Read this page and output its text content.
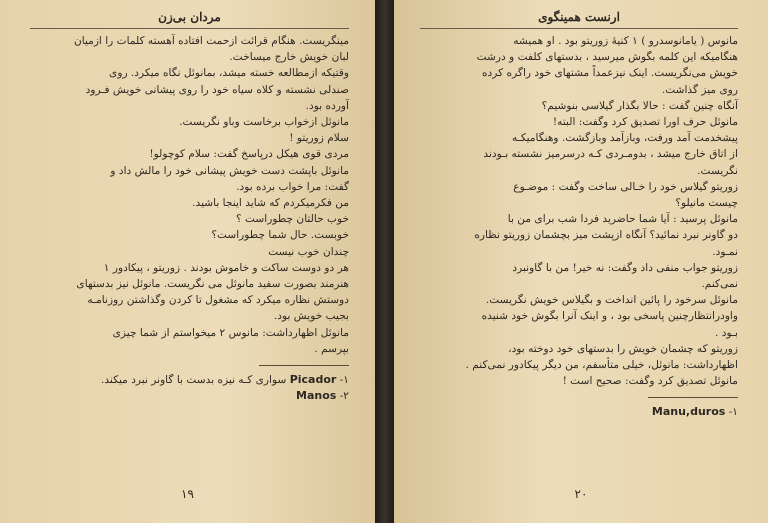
مردان بی‌زن

مینگریست. هنگام قرائت ازحمت افتاده آهسته کلمات را ازمیان

لبان خویش خارج میساخت.

وقتیکه ازمطالعه خسته میشد، بمانوئل نگاه میکرد. روی

صندلی نشسته و کلاه سیاه خود را روی پیشانی خویش فـرود

آورده بود.

مانوئل ازخواب برخاست وباو نگریست.

سلام زوریتو !

مردی قوی هیکل درپاسخ گفت: سلام کوچولو!

مانوئل باپشت دست خویش پیشانی خود را مالش داد و

گفت: مرا خواب برده بود.

من فکرمیکردم که شاید اینجا باشید.

خوب حالتان چطوراست ؟

خوبست. حال شما چطوراست؟

چندان خوب نیست

هر دو دوست ساکت و خاموش بودند . زوریتو ، پیکادور ۱

هنرمند بصورت سفید مانوئل می نگریست. مانوئل نیز بدستهای

دوستش نظاره میکرد که مشغول تا کردن وگذاشتن روزنامـه

بجیب خویش بود.

مانوئل اظهارداشت: مانوس ۲ میخواستم از شما چیزی

بپرسم .

۱- Picador سواری کـه نیزه بدست با گاونر نبرد میکند.

۲- Manos

۱۹
ارنست همینگوی

مانوس ( یامانوسدرو ) ۱ کنیهٔ زوریتو بود . او همیشه

هنگامیکه این کلمه بگوش میرسید ، بدستهای کلفت و درشت

خویش می‌نگریست. اینک نیزعمداً مشتهای خود راگره کرده

روی میز گذاشت.

آنگاه چنین گفت : حالا بگذار گیلاسی بنوشیم؟

مانوئل حرف اورا تصدیق کرد وگفت: البته!

پیشخدمت آمد ورفت، وبازآمد وبازگشت. وهنگامیکـه

از اتاق خارج میشد ، بدومـردی کـه درسرمیز نشسته بـودند

نگریست.

زوریتو گیلاس خود را خـالی ساخت وگفت : موضـوع

چیست مانیلو؟

مانوئل پرسید : آیا شما حاضرید فردا شب برای من با

دو گاونر نبرد نمائید؟ آنگاه ازپشت میز بچشمان زوریتو نظاره

نمـود.

زوریتو جواب منفی داد وگفت: نه خیر! من با گاونبرد

نمی‌کنم.

مانوئل سرخود را پائین انداخت و بگیلاس خویش نگریست.

واودرانتظارچنین پاسخی بود ، و اینک آنرا بگوش خود شنیده

بـود .

زوریتو که چشمان خویش را بدستهای خود دوخته بود،

اظهارداشت: مانوئل، خیلی متأسفم، من دیگر پیکادور نمی‌کنم .

مانوئل تصدیق کرد وگفت: صحیح است !

۱- Manu,duros

۲۰
